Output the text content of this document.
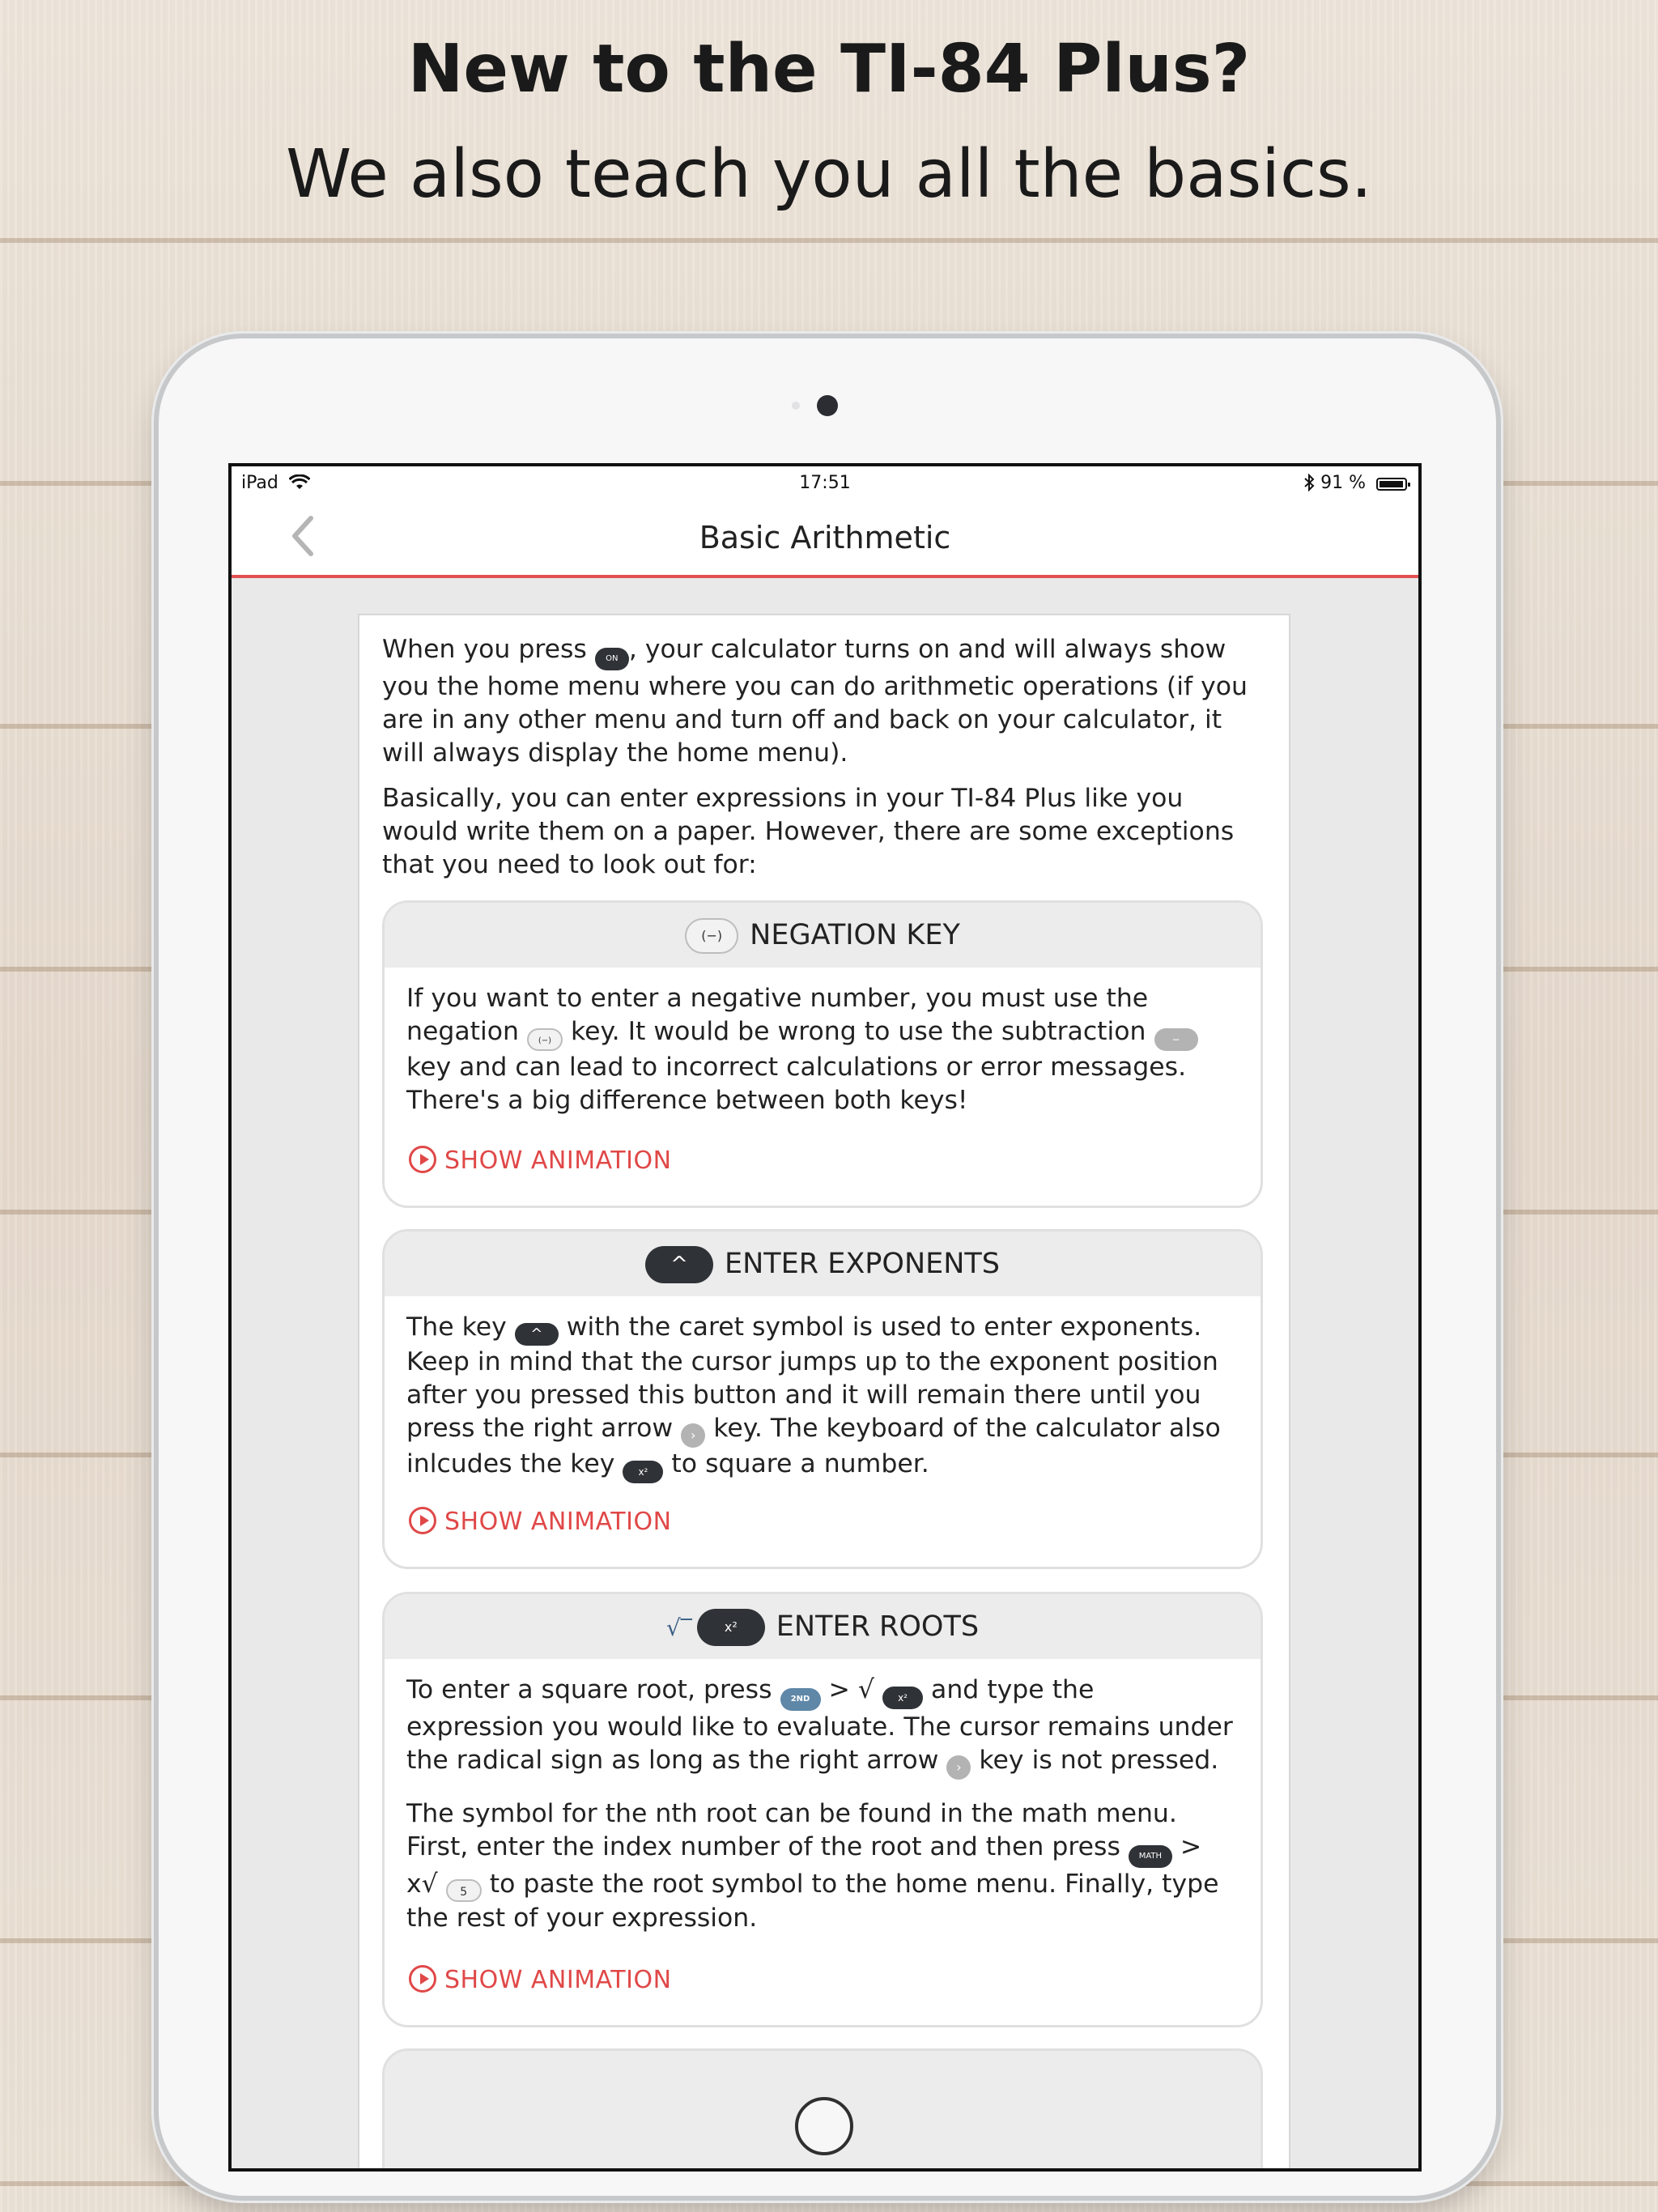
New to the TI-84 Plus?
We also teach you all the basics.
iPad	17:51	91 %
Basic Arithmetic
When you press ON , your calculator turns on and will always show you the home menu where you can do arithmetic operations (if you are in any other menu and turn off and back on your calculator, it will always display the home menu).
Basically, you can enter expressions in your TI-84 Plus like you would write them on a paper. However, there are some exceptions that you need to look out for:
(−) NEGATION KEY

If you want to enter a negative number, you must use the negation (−) key. It would be wrong to use the subtraction − key and can lead to incorrect calculations or error messages. There's a big difference between both keys!

SHOW ANIMATION
^ ENTER EXPONENTS

The key ^ with the caret symbol is used to enter exponents. Keep in mind that the cursor jumps up to the exponent position after you pressed this button and it will remain there until you press the right arrow › key. The keyboard of the calculator also inlcudes the key x² to square a number.

SHOW ANIMATION
√‾	x² ENTER ROOTS

To enter a square root, press 2ND > √ x² and type the expression you would like to evaluate. The cursor remains under the radical sign as long as the right arrow › key is not pressed.

The symbol for the nth root can be found in the math menu. First, enter the index number of the root and then press MATH > x√ 5 to paste the root symbol to the home menu. Finally, type the rest of your expression.

SHOW ANIMATION
